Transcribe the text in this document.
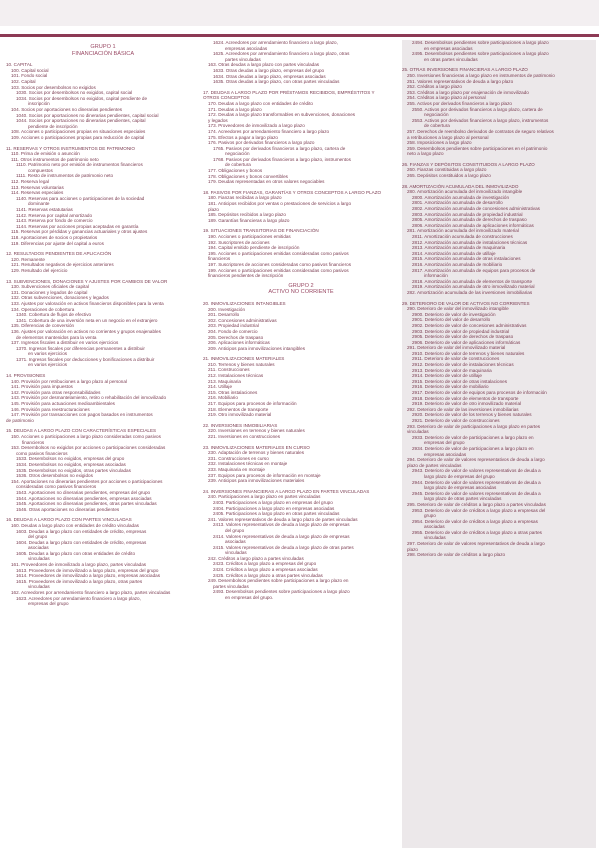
GRUPO 1
FINANCIACIÓN BÁSICA
10. CAPITAL
100. Capital social
101. Fondo social
102. Capital
103. Socios por desembolsos no exigidos
1030. Socios por desembolsos no exigidos, capital social
1034. Socios por desembolsos no exigidos, capital pendiente de
inscripción
104. Socios por aportaciones no dinerarias pendientes
1040. Socios por aportaciones no dinerarias pendientes, capital social
1044. Socios por aportaciones no dinerarias pendientes, capital
pendiente de inscripción
108. Acciones o participaciones propias en situaciones especiales
109. Acciones o participaciones propias para reducción de capital
11. RESERVAS Y OTROS INSTRUMENTOS DE PATRIMONIO
110. Prima de emisión o asunción
111. Otros instrumentos de patrimonio neto
1110. Patrimonio neto por emisión de instrumentos financieros
compuestos
1111. Resto de instrumentos de patrimonio neto
112. Reserva legal
113. Reservas voluntarias
114. Reservas especiales
1140. Reservas para acciones o participaciones de la sociedad
dominante
1141. Reservas estatutarias
1142. Reserva por capital amortizado
1143. Reserva por fondo de comercio
1144. Reservas por acciones propias aceptadas en garantía
115. Reservas por pérdidas y ganancias actuariales y otros ajustes
118. Aportaciones de socios o propietarios
119. Diferencias por ajuste del capital a euros
12. RESULTADOS PENDIENTES DE APLICACIÓN
120. Remanente
121. Resultados negativos de ejercicios anteriores
129. Resultado del ejercicio
13. SUBVENCIONES, DONACIONES Y AJUSTES POR CAMBIOS DE VALOR
130. Subvenciones oficiales de capital
131. Donaciones y legados de capital
132. Otras subvenciones, donaciones y legados
133. Ajustes por valoración en activos financieros disponibles para la venta
134. Operaciones de cobertura
1340. Cobertura de flujos de efectivo
1341. Cobertura de una inversión neta en un negocio en el extranjero
135. Diferencias de conversión
136. Ajustes por valoración en activos no corrientes y grupos enajenables
de elementos mantenidos para la venta
137. Ingresos fiscales a distribuir en varios ejercicios
1370. Ingresos fiscales por diferencias permanentes a distribuir
en varios ejercicios
1371. Ingresos fiscales por deducciones y bonificaciones a distribuir
en varios ejercicios
14. PROVISIONES
140. Provisión por retribuciones a largo plazo al personal
141. Provisión para impuestos
142. Provisión para otras responsabilidades
143. Provisión por desmantelamiento, retiro o rehabilitación del inmovilizado
145. Provisión para actuaciones medioambientales
146. Provisión para reestructuraciones
147. Provisión por transacciones con pagos basados en instrumentos
de patrimonio
15. DEUDAS A LARGO PLAZO CON CARACTERÍSTICAS ESPECIALES
150. Acciones o participaciones a largo plazo consideradas como pasivos
financieros
153. Desembolsos no exigidos por acciones o participaciones consideradas
como pasivos financieros
1533. Desembolsos no exigidos, empresas del grupo
1534. Desembolsos no exigidos, empresas asociadas
1535. Desembolsos no exigidos, otras partes vinculadas
1536. Otros desembolsos no exigidos
154. Aportaciones no dinerarias pendientes por acciones o participaciones
consideradas como pasivos financieros
1543. Aportaciones no dinerarias pendientes, empresas del grupo
1544. Aportaciones no dinerarias pendientes, empresas asociadas
1545. Aportaciones no dinerarias pendientes, otras partes vinculadas
1546. Otras aportaciones no dinerarias pendientes
16. DEUDAS A LARGO PLAZO CON PARTES VINCULADAS
160. Deudas a largo plazo con entidades de crédito vinculadas
1603. Deudas a largo plazo con entidades de crédito, empresas
del grupo
1604. Deudas a largo plazo con entidades de crédito, empresas
asociadas
1605. Deudas a largo plazo con otras entidades de crédito
vinculadas
161. Proveedores de inmovilizado a largo plazo, partes vinculadas
1613. Proveedores de inmovilizado a largo plazo, empresas del grupo
1614. Proveedores de inmovilizado a largo plazo, empresas asociadas
1615. Proveedores de inmovilizado a largo plazo, otras partes
vinculadas
162. Acreedores por arrendamiento financiero a largo plazo, partes vinculadas
1623. Acreedores por arrendamiento financiero a largo plazo,
empresas del grupo
1624. Acreedores por arrendamiento financiero a largo plazo,
empresas asociadas
1625. Acreedores por arrendamiento financiero a largo plazo, otras
partes vinculadas
163. Otras deudas a largo plazo con partes vinculadas
1633. Otras deudas a largo plazo, empresas del grupo
1634. Otras deudas a largo plazo, empresas asociadas
1635. Otras deudas a largo plazo, con otras partes vinculadas
17. DEUDAS A LARGO PLAZO POR PRÉSTAMOS RECIBIDOS, EMPRÉSTITOS Y
OTROS CONCEPTOS
170. Deudas a largo plazo con entidades de crédito
171. Deudas a largo plazo
172. Deudas a largo plazo transformables en subvenciones, donaciones
y legados
173. Proveedores de inmovilizado a largo plazo
174. Acreedores por arrendamiento financiero a largo plazo
175. Efectos a pagar a largo plazo
176. Pasivos por derivados financieros a largo plazo
1765. Pasivos por derivados financieros a largo plazo, cartera de
negociación
1768. Pasivos por derivados financieros a largo plazo, instrumentos
de cobertura
177. Obligaciones y bonos
178. Obligaciones y bonos convertibles
179. Deudas representadas en otros valores negociables
18. PASIVOS POR FIANZAS, GARANTÍAS Y OTROS CONCEPTOS A LARGO PLAZO
180. Fianzas recibidas a largo plazo
181. Anticipos recibidos por ventas o prestaciones de servicios a largo
plazo
185. Depósitos recibidos a largo plazo
189. Garantías financieras a largo plazo
19. SITUACIONES TRANSITORIAS DE FINANCIACIÓN
190. Acciones o participaciones emitidas
192. Suscriptores de acciones
194. Capital emitido pendiente de inscripción
195. Acciones o participaciones emitidas consideradas como pasivos
financieros
197. Suscriptores de acciones consideradas como pasivos financieros
199. Acciones o participaciones emitidas consideradas como pasivos
financieros pendientes de inscripción
GRUPO 2
ACTIVO NO CORRIENTE
20. INMOVILIZACIONES INTANGIBLES
200. Investigación
201. Desarrollo
202. Concesiones administrativas
203. Propiedad industrial
204. Fondo de comercio
205. Derechos de traspaso
206. Aplicaciones informáticas
209. Anticipos para inmovilizaciones intangibles
21. INMOVILIZACIONES MATERIALES
210. Terrenos y bienes naturales
211. Construcciones
212. Instalaciones técnicas
213. Maquinaria
214. Utillaje
215. Otras instalaciones
216. Mobiliario
217. Equipos para procesos de información
218. Elementos de transporte
219. Otro inmovilizado material
22. INVERSIONES INMOBILIARIAS
220. Inversiones en terrenos y bienes naturales
221. Inversiones en construcciones
23. INMOVILIZACIONES MATERIALES EN CURSO
230. Adaptación de terrenos y bienes naturales
231. Construcciones en curso
232. Instalaciones técnicas en montaje
233. Maquinaria en montaje
237. Equipos para procesos de información en montaje
239. Anticipos para inmovilizaciones materiales
24. INVERSIONES FINANCIERAS A LARGO PLAZO EN PARTES VINCULADAS
240. Participaciones a largo plazo en partes vinculadas
2403. Participaciones a largo plazo en empresas del grupo
2404. Participaciones a largo plazo en empresas asociadas
2405. Participaciones a largo plazo en otras partes vinculadas
241. Valores representativos de deuda a largo plazo de partes vinculadas
2413. Valores representativos de deuda a largo plazo de empresas
del grupo
2414. Valores representativos de deuda a largo plazo de empresas
asociadas
2415. Valores representativos de deuda a largo plazo de otras partes
vinculadas
242. Créditos a largo plazo a partes vinculadas
2423. Créditos a largo plazo a empresas del grupo
2424. Créditos a largo plazo a empresas asociadas
2425. Créditos a largo plazo a otras partes vinculadas
249. Desembolsos pendientes sobre participaciones a largo plazo en
partes vinculadas
2493. Desembolsos pendientes sobre participaciones a largo plazo
en empresas del grupo.
2494. Desembolsos pendientes sobre participaciones a largo plazo
en empresas asociadas
2495. Desembolsos pendientes sobre participaciones a largo plazo
en otras partes vinculadas
25. OTRAS INVERSIONES FINANCIERAS A LARGO PLAZO
250. Inversiones financieras a largo plazo en instrumentos de patrimonio
251. Valores representativos de deuda a largo plazo
252. Créditos a largo plazo
253. Créditos a largo plazo por enajenación de inmovilizado
254. Créditos a largo plazo al personal
255. Activos por derivados financieros a largo plazo
2550. Activos por derivados financieros a largo plazo, cartera de
negociación
2553. Activos por derivados financieros a largo plazo, instrumentos
de cobertura
257. Derechos de reembolso derivados de contratos de seguro relativos
a retribuciones a largo plazo al personal
258. Imposiciones a largo plazo
259. Desembolsos pendientes sobre participaciones en el patrimonio
neto a largo plazo
26. FIANZAS Y DEPÓSITOS CONSTITUIDOS A LARGO PLAZO
260. Fianzas constituidas a largo plazo
265. Depósitos constituidos a largo plazo
28. AMORTIZACIÓN ACUMULADA DEL INMOVILIZADO
280. Amortización acumulada del inmovilizado intangible
2800. Amortización acumulada de investigación
2801. Amortización acumulada de desarrollo
2802. Amortización acumulada de concesiones administrativas
2803. Amortización acumulada de propiedad industrial
2805. Amortización acumulada de derechos de traspaso
2806. Amortización acumulada de aplicaciones informáticas
281. Amortización acumulada del inmovilizado material
2811. Amortización acumulada de construcciones
2812. Amortización acumulada de instalaciones técnicas
2813. Amortización acumulada de maquinaria
2814. Amortización acumulada de utillaje
2815. Amortización acumulada de otras instalaciones
2816. Amortización acumulada de mobiliario
2817. Amortización acumulada de equipos para procesos de
información
2818. Amortización acumulada de elementos de transporte
2819. Amortización acumulada de otro inmovilizado material
282. Amortización acumulada de las inversiones inmobiliarias
29. DETERIORO DE VALOR DE ACTIVOS NO CORRIENTES
290. Deterioro de valor del inmovilizado intangible
2900. Deterioro de valor de investigación
2901. Deterioro del valor de desarrollo
2902. Deterioro de valor de concesiones administrativas
2903. Deterioro de valor de propiedad industrial
2905. Deterioro de valor de derechos de traspaso
2906. Deterioro de valor de aplicaciones informáticas
291. Deterioro de valor del inmovilizado material
2910. Deterioro de valor de terrenos y bienes naturales
2911. Deterioro de valor de construcciones
2912. Deterioro de valor de instalaciones técnicas
2913. Deterioro de valor de maquinaria
2914. Deterioro de valor de utillaje
2915. Deterioro de valor de otras instalaciones
2916. Deterioro de valor de mobiliario
2917. Deterioro de valor de equipos para procesos de información
2918. Deterioro de valor de elementos de transporte
2919. Deterioro de valor de otro inmovilizado material
292. Deterioro de valor de las inversiones inmobiliarias
2920. Deterioro de valor de los terrenos y bienes naturales
2921. Deterioro de valor de construcciones
293. Deterioro de valor de participaciones a largo plazo en partes
vinculadas
2933. Deterioro de valor de participaciones a largo plazo en
empresas del grupo
2934. Deterioro de valor de participaciones a largo plazo en
empresas asociadas
294. Deterioro de valor de valores representativos de deuda a largo
plazo de partes vinculadas
2943. Deterioro de valor de valores representativos de deuda a
largo plazo de empresas del grupo
2944. Deterioro de valor de valores representativos de deuda a
largo plazo de empresas asociadas
2945. Deterioro de valor de valores representativos de deuda a
largo plazo de otras partes vinculadas
295. Deterioro de valor de créditos a largo plazo a partes vinculadas
2953. Deterioro de valor de créditos a largo plazo a empresas del
grupo
2954. Deterioro de valor de créditos a largo plazo a empresas
asociadas
2955. Deterioro de valor de créditos a largo plazo a otras partes
vinculadas
297. Deterioro de valor de valores representativos de deuda a largo
plazo
298. Deterioro de valor de créditos a largo plazo
